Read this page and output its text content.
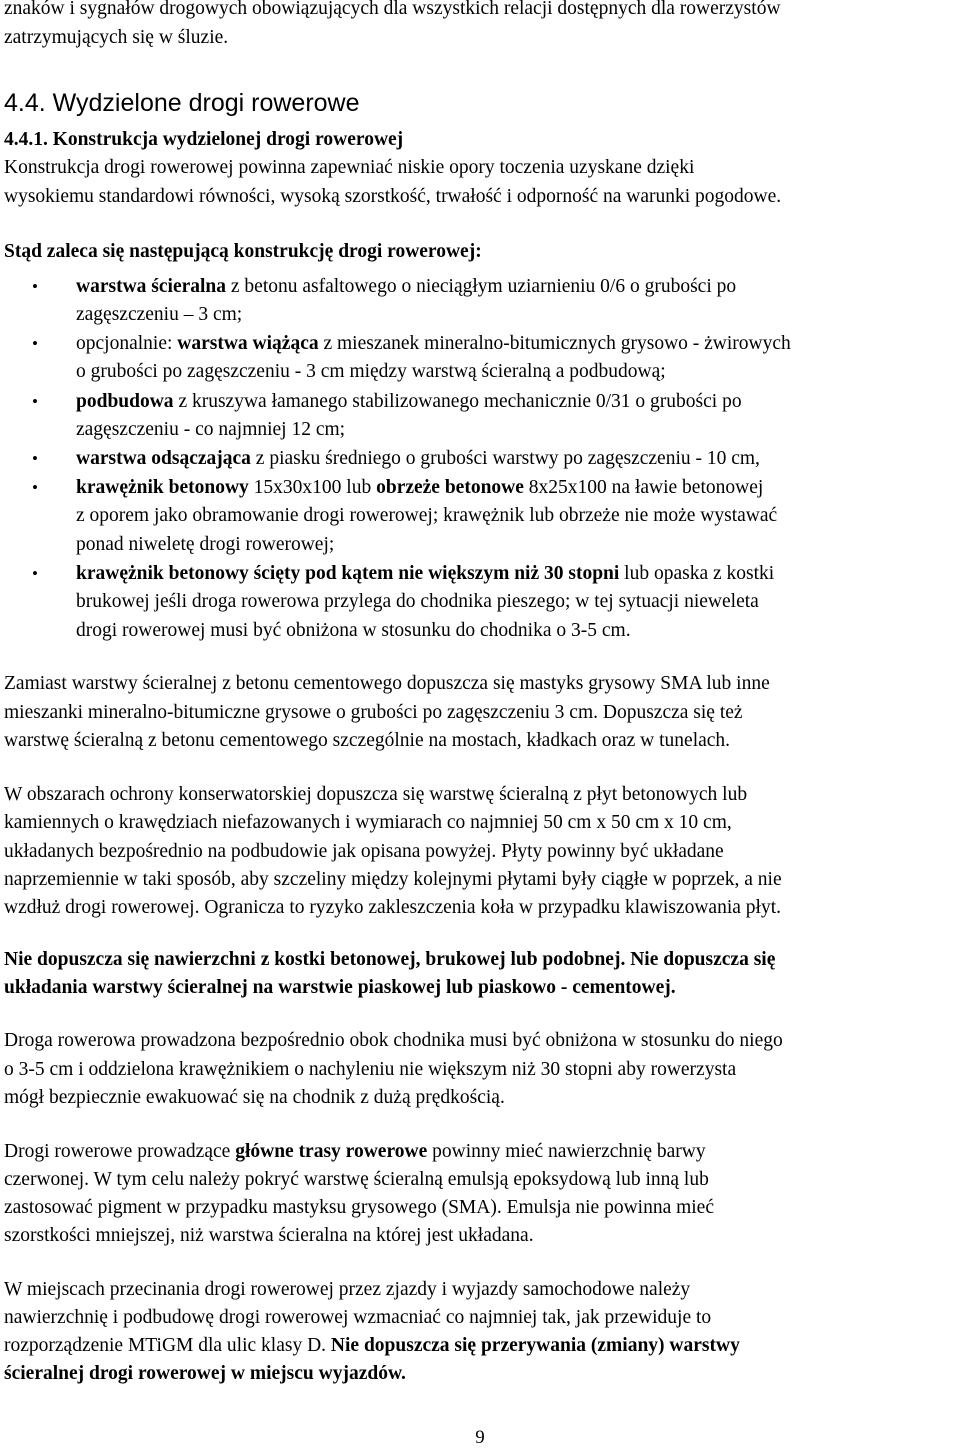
znaków i sygnałów drogowych obowiązujących dla wszystkich relacji dostępnych dla rowerzystów
zatrzymujących się w śluzie.
4.4. Wydzielone drogi rowerowe
4.4.1. Konstrukcja wydzielonej drogi rowerowej
Konstrukcja drogi rowerowej powinna zapewniać niskie opory toczenia uzyskane dzięki
wysokiemu standardowi równości, wysoką szorstkość, trwałość i odporność na warunki pogodowe.
Stąd zaleca się następującą konstrukcję drogi rowerowej:
• warstwa ścieralna z betonu asfaltowego o nieciągłym uziarnieniu 0/6 o grubości po
zagęszczeniu – 3 cm;
• opcjonalnie: warstwa wiążąca z mieszanek mineralno-bitumicznych grysowo - żwirowych
o grubości po zagęszczeniu - 3 cm między warstwą ścieralną a podbudową;
• podbudowa z kruszywa łamanego stabilizowanego mechanicznie 0/31 o grubości po
zagęszczeniu - co najmniej 12 cm;
• warstwa odsączająca z piasku średniego o grubości warstwy po zagęszczeniu - 10 cm,
• krawężnik betonowy 15x30x100 lub obrzeże betonowe 8x25x100 na ławie betonowej
z oporem jako obramowanie drogi rowerowej; krawężnik lub obrzeże nie może wystawać
ponad niweletę drogi rowerowej;
• krawężnik betonowy ścięty pod kątem nie większym niż 30 stopni lub opaska z kostki
brukowej jeśli droga rowerowa przylega do chodnika pieszego; w tej sytuacji nieweleta
drogi rowerowej musi być obniżona w stosunku do chodnika o 3-5 cm.
Zamiast warstwy ścieralnej z betonu cementowego dopuszcza się mastyks grysowy SMA lub inne
mieszanki mineralno-bitumiczne grysowe o grubości po zagęszczeniu 3 cm. Dopuszcza się też
warstwę ścieralną z betonu cementowego szczególnie na mostach, kładkach oraz w tunelach.
W obszarach ochrony konserwatorskiej dopuszcza się warstwę ścieralną z płyt betonowych lub
kamiennych o krawędziach niefazowanych i wymiarach co najmniej 50 cm x 50 cm x 10 cm,
układanych bezpośrednio na podbudowie jak opisana powyżej. Płyty powinny być układane
naprzemiennie w taki sposób, aby szczeliny między kolejnymi płytami były ciągłe w poprzek, a nie
wzdłuż drogi rowerowej. Ogranicza to ryzyko zakleszczenia koła w przypadku klawiszowania płyt.
Nie dopuszcza się nawierzchni z kostki betonowej, brukowej lub podobnej. Nie dopuszcza się
układania warstwy ścieralnej na warstwie piaskowej lub piaskowo - cementowej.
Droga rowerowa prowadzona bezpośrednio obok chodnika musi być obniżona w stosunku do niego
o 3-5 cm i oddzielona krawężnikiem o nachyleniu nie większym niż 30 stopni aby rowerzysta
mógł bezpiecznie ewakuować się na chodnik z dużą prędkością.
Drogi rowerowe prowadzące główne trasy rowerowe powinny mieć nawierzchnię barwy
czerwonej. W tym celu należy pokryć warstwę ścieralną emulsją epoksydową lub inną lub
zastosować pigment w przypadku mastyksu grysowego (SMA). Emulsja nie powinna mieć
szorstkości mniejszej, niż warstwa ścieralna na której jest układana.
W miejscach przecinania drogi rowerowej przez zjazdy i wyjazdy samochodowe należy
nawierzchnię i podbudowę drogi rowerowej wzmacniać co najmniej tak, jak przewiduje to
rozporządzenie MTiGM dla ulic klasy D. Nie dopuszcza się przerywania (zmiany) warstwy
ścieralnej drogi rowerowej w miejscu wyjazdów.
9
